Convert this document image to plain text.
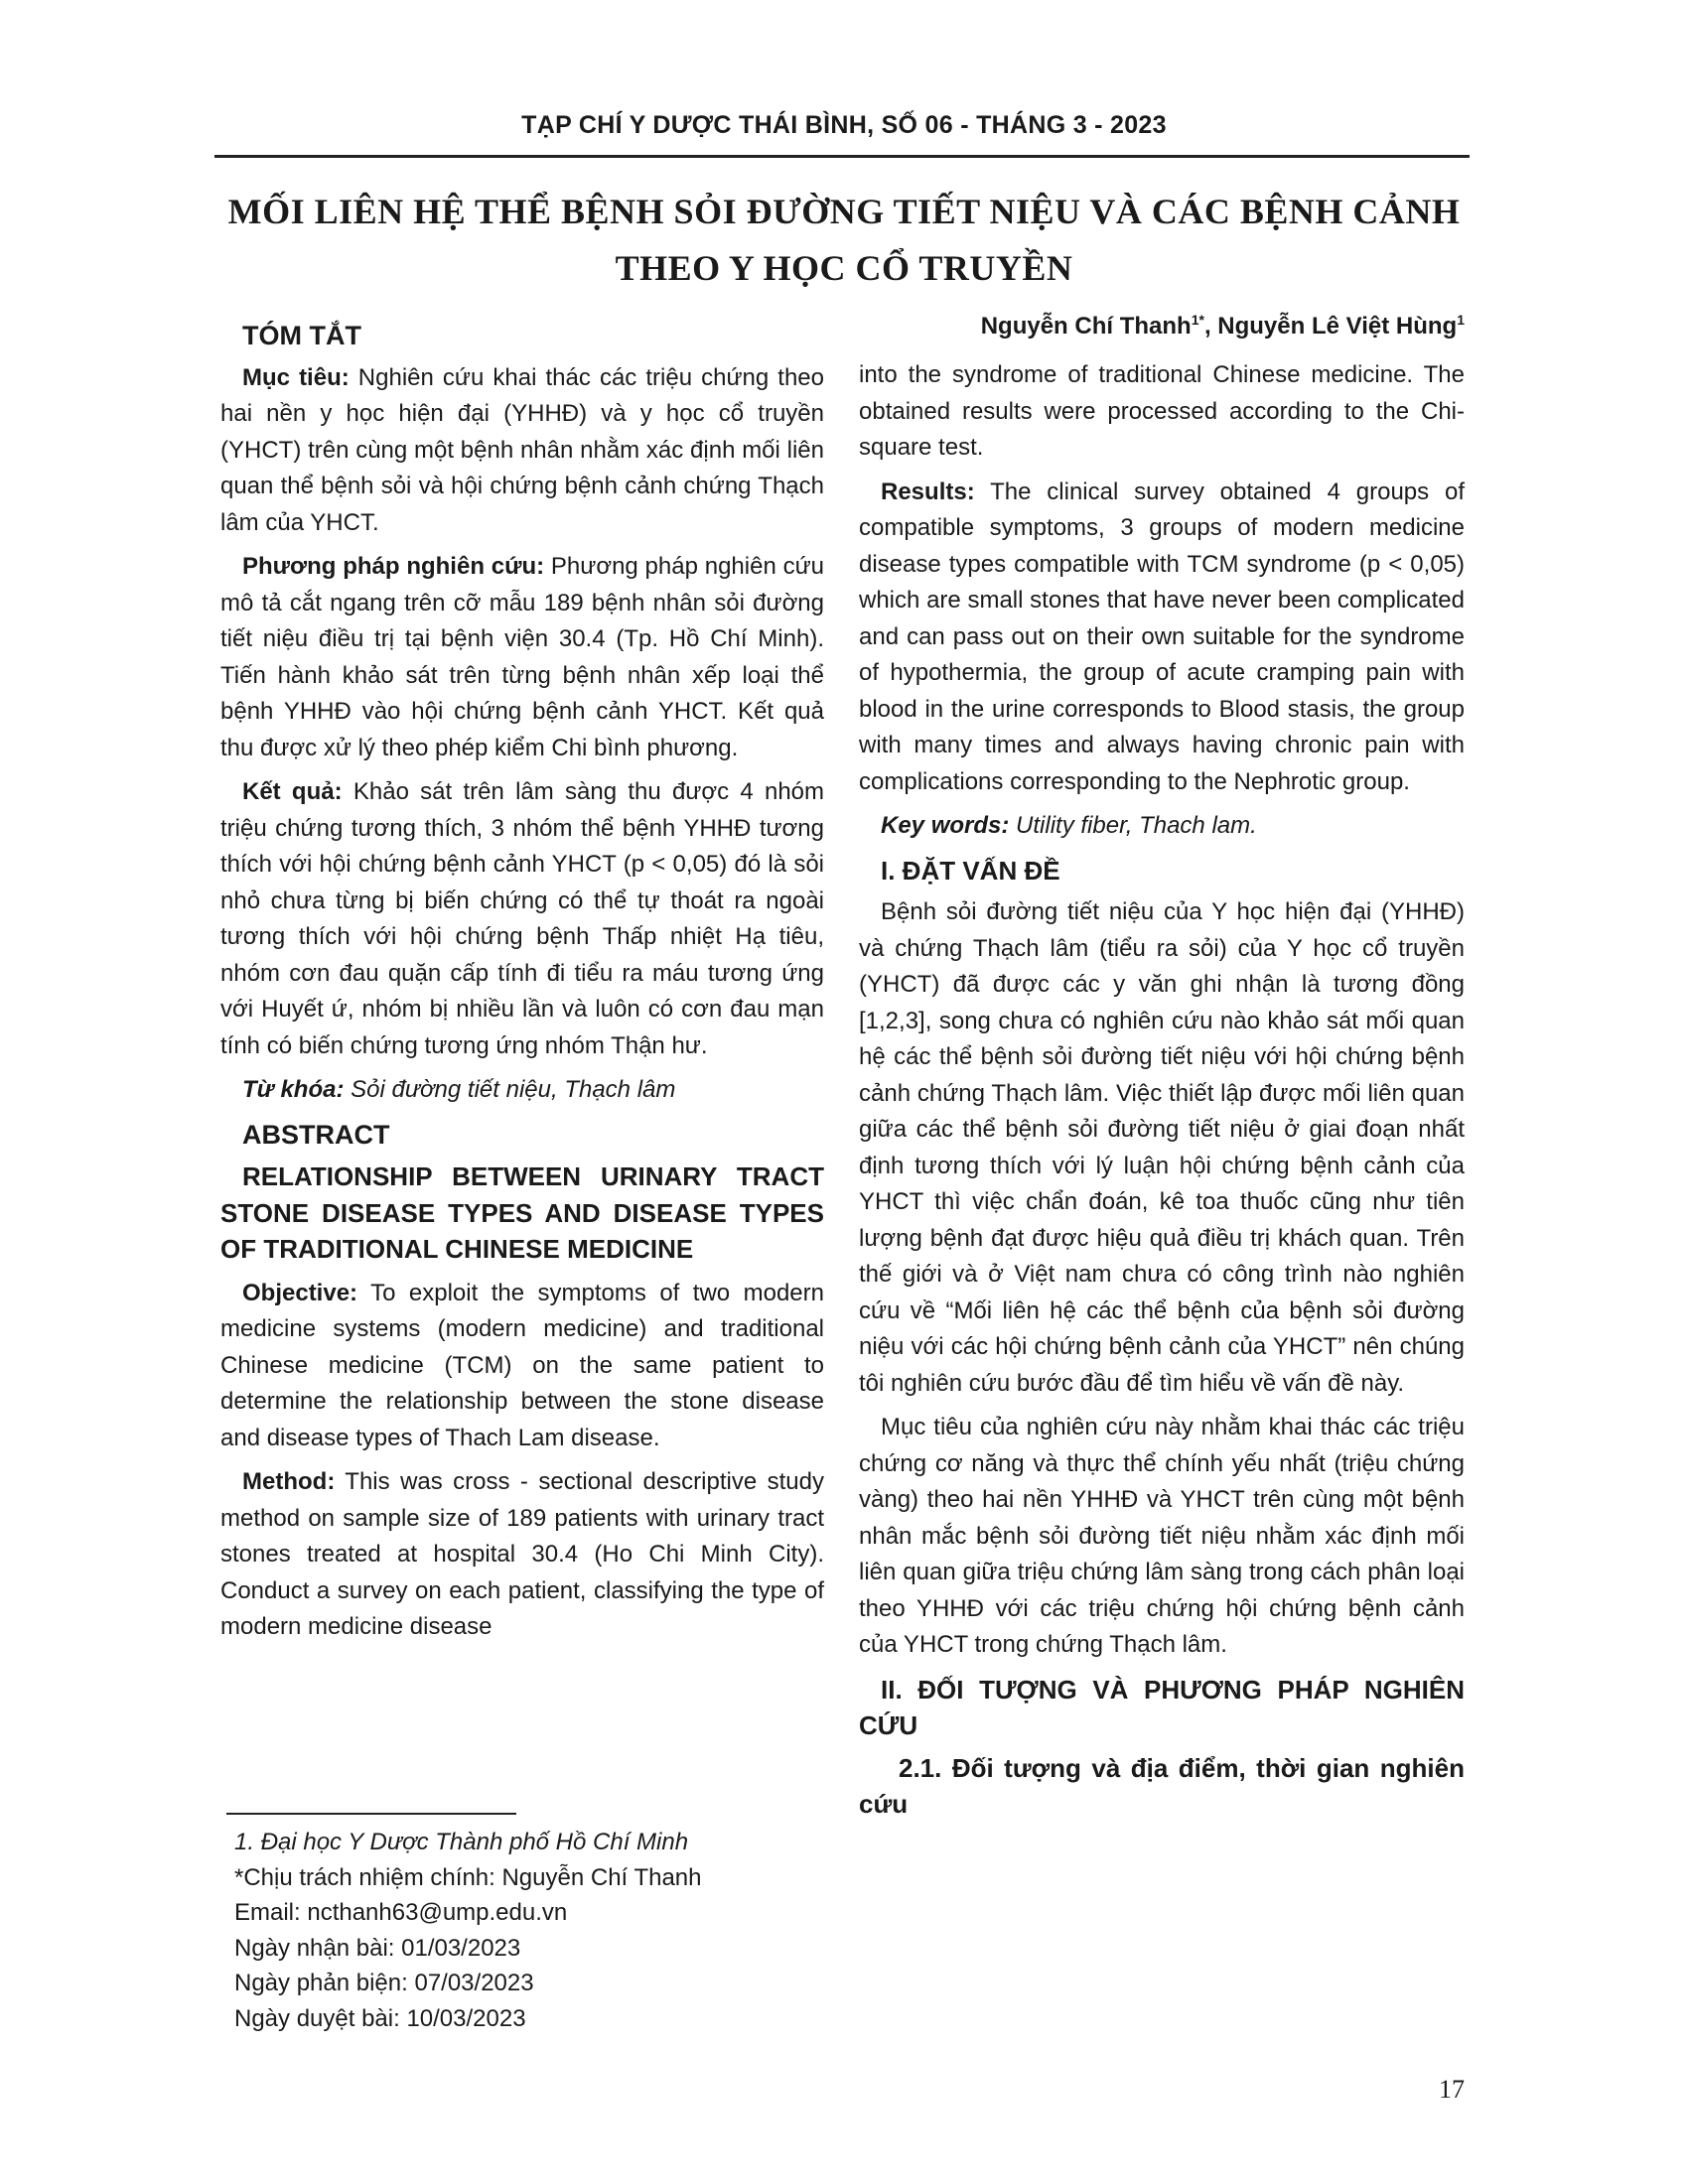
TẠP CHÍ Y DƯỢC THÁI BÌNH, SỐ 06 - THÁNG 3 - 2023
MỐI LIÊN HỆ THỂ BỆNH SỎI ĐƯỜNG TIẾT NIỆU VÀ CÁC BỆNH CẢNH
THEO Y HỌC CỔ TRUYỀN
Nguyễn Chí Thanh$^{1*}$, Nguyễn Lê Việt Hùng$^1$
TÓM TẮT

Mục tiêu: Nghiên cứu khai thác các triệu chứng theo hai nền y học hiện đại (YHHĐ) và y học cổ truyền (YHCT) trên cùng một bệnh nhân nhằm xác định mối liên quan thể bệnh sỏi và hội chứng bệnh cảnh chứng Thạch lâm của YHCT.

Phương pháp nghiên cứu: Phương pháp nghiên cứu mô tả cắt ngang trên cỡ mẫu 189 bệnh nhân sỏi đường tiết niệu điều trị tại bệnh viện 30.4 (Tp. Hồ Chí Minh). Tiến hành khảo sát trên từng bệnh nhân xếp loại thể bệnh YHHĐ vào hội chứng bệnh cảnh YHCT. Kết quả thu được xử lý theo phép kiểm Chi bình phương.

Kết quả: Khảo sát trên lâm sàng thu được 4 nhóm triệu chứng tương thích, 3 nhóm thể bệnh YHHĐ tương thích với hội chứng bệnh cảnh YHCT (p < 0,05) đó là sỏi nhỏ chưa từng bị biến chứng có thể tự thoát ra ngoài tương thích với hội chứng bệnh Thấp nhiệt Hạ tiêu, nhóm cơn đau quặn cấp tính đi tiểu ra máu tương ứng với Huyết ứ, nhóm bị nhiều lần và luôn có cơn đau mạn tính có biến chứng tương ứng nhóm Thận hư.

Từ khóa: Sỏi đường tiết niệu, Thạch lâm

ABSTRACT
RELATIONSHIP BETWEEN URINARY TRACT STONE DISEASE TYPES AND DISEASE TYPES OF TRADITIONAL CHINESE MEDICINE

Objective: To exploit the symptoms of two modern medicine systems (modern medicine) and traditional Chinese medicine (TCM) on the same patient to determine the relationship between the stone disease and disease types of Thach Lam disease.

Method: This was cross - sectional descriptive study method on sample size of 189 patients with urinary tract stones treated at hospital 30.4 (Ho Chi Minh City). Conduct a survey on each patient, classifying the type of modern medicine disease

into the syndrome of traditional Chinese medicine. The obtained results were processed according to the Chi-square test.

Results: The clinical survey obtained 4 groups of compatible symptoms, 3 groups of modern medicine disease types compatible with TCM syndrome (p < 0,05) which are small stones that have never been complicated and can pass out on their own suitable for the syndrome of hypothermia, the group of acute cramping pain with blood in the urine corresponds to Blood stasis, the group with many times and always having chronic pain with complications corresponding to the Nephrotic group.

Key words: Utility fiber, Thach lam.

I. ĐẶT VẤN ĐỀ

Bệnh sỏi đường tiết niệu của Y học hiện đại (YHHĐ) và chứng Thạch lâm (tiểu ra sỏi) của Y học cổ truyền (YHCT) đã được các y văn ghi nhận là tương đồng [1,2,3], song chưa có nghiên cứu nào khảo sát mối quan hệ các thể bệnh sỏi đường tiết niệu với hội chứng bệnh cảnh chứng Thạch lâm. Việc thiết lập được mối liên quan giữa các thể bệnh sỏi đường tiết niệu ở giai đoạn nhất định tương thích với lý luận hội chứng bệnh cảnh của YHCT thì việc chẩn đoán, kê toa thuốc cũng như tiên lượng bệnh đạt được hiệu quả điều trị khách quan. Trên thế giới và ở Việt nam chưa có công trình nào nghiên cứu về “Mối liên hệ các thể bệnh của bệnh sỏi đường niệu với các hội chứng bệnh cảnh của YHCT” nên chúng tôi nghiên cứu bước đầu để tìm hiểu về vấn đề này.

Mục tiêu của nghiên cứu này nhằm khai thác các triệu chứng cơ năng và thực thể chính yếu nhất (triệu chứng vàng) theo hai nền YHHĐ và YHCT trên cùng một bệnh nhân mắc bệnh sỏi đường tiết niệu nhằm xác định mối liên quan giữa triệu chứng lâm sàng trong cách phân loại theo YHHĐ với các triệu chứng hội chứng bệnh cảnh của YHCT trong chứng Thạch lâm.

II. ĐỐI TƯỢNG VÀ PHƯƠNG PHÁP NGHIÊN CỨU
2.1. Đối tượng và địa điểm, thời gian nghiên cứu
1. Đại học Y Dược Thành phố Hồ Chí Minh
*Chịu trách nhiệm chính: Nguyễn Chí Thanh
Email: ncthanh63@ump.edu.vn
Ngày nhận bài: 01/03/2023
Ngày phản biện: 07/03/2023
Ngày duyệt bài: 10/03/2023
17
